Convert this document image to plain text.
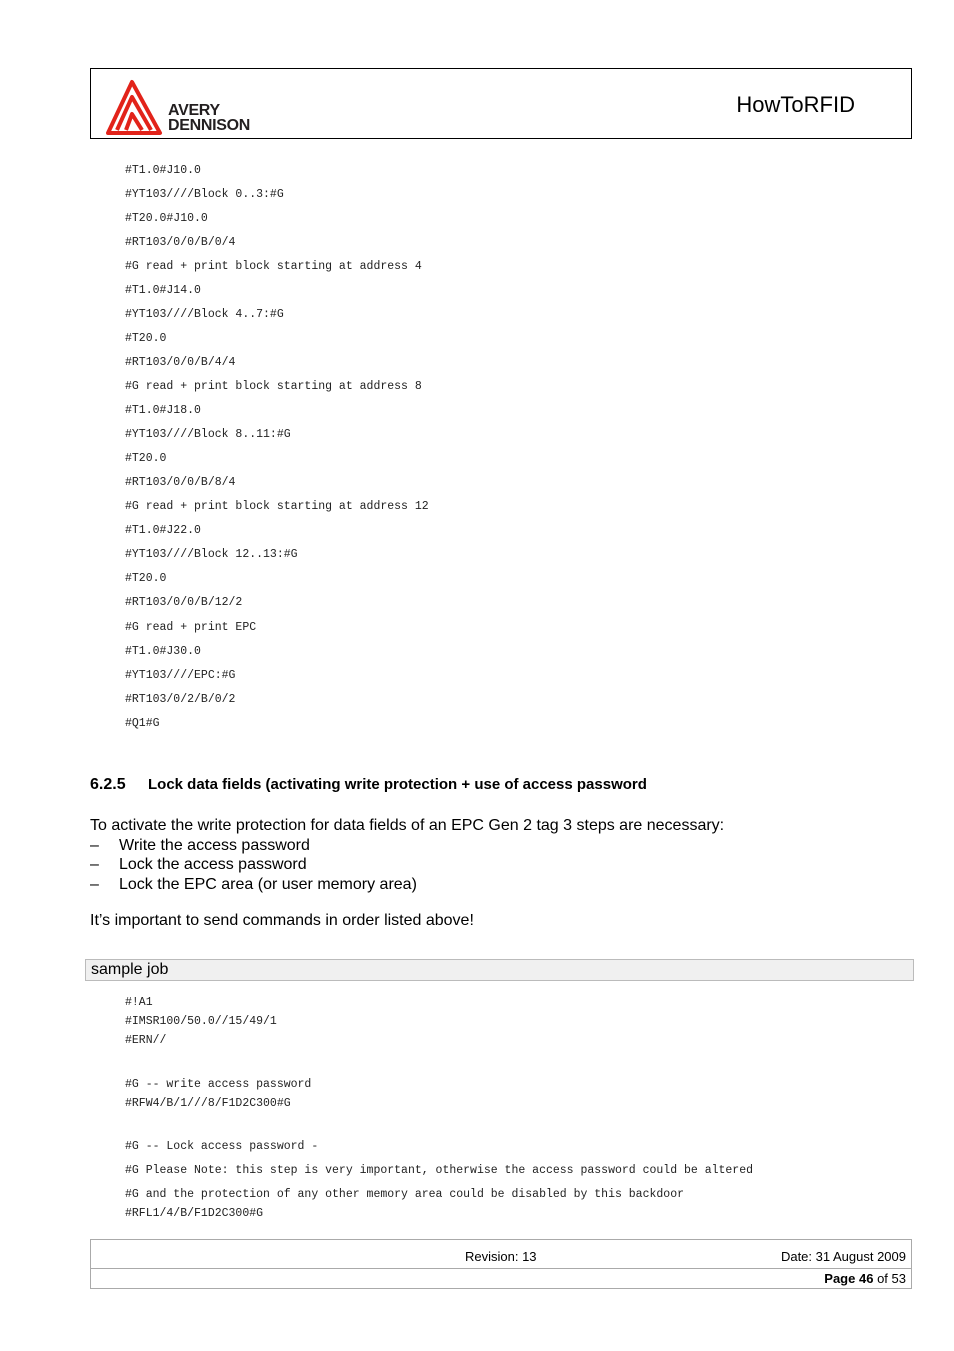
AVERY
DENNISON
HowToRFID
#T1.0#J10.0
#YT103////Block 0..3:#G
#T20.0#J10.0
#RT103/0/0/B/0/4
#G read + print block starting at address 4
#T1.0#J14.0
#YT103////Block 4..7:#G
#T20.0
#RT103/0/0/B/4/4
#G read + print block starting at address 8
#T1.0#J18.0
#YT103////Block 8..11:#G
#T20.0
#RT103/0/0/B/8/4
#G read + print block starting at address 12
#T1.0#J22.0
#YT103////Block 12..13:#G
#T20.0
#RT103/0/0/B/12/2
#G read + print EPC
#T1.0#J30.0
#YT103////EPC:#G
#RT103/0/2/B/0/2
#Q1#G
6.2.5 Lock data fields (activating write protection + use of access password
To activate the write protection for data fields of an EPC Gen 2 tag 3 steps are necessary:
– Write the access password
– Lock the access password
– Lock the EPC area (or user memory area)
It’s important to send commands in order listed above!
sample job
#!A1
#IMSR100/50.0//15/49/1
#ERN//
#G -- write access password
#RFW4/B/1///8/F1D2C300#G
#G -- Lock access password -
#G Please Note: this step is very important, otherwise the access password could be altered
#G and the protection of any other memory area could be disabled by this backdoor
#RFL1/4/B/F1D2C300#G
Revision: 13	Date: 31 August 2009
Page 46 of 53
